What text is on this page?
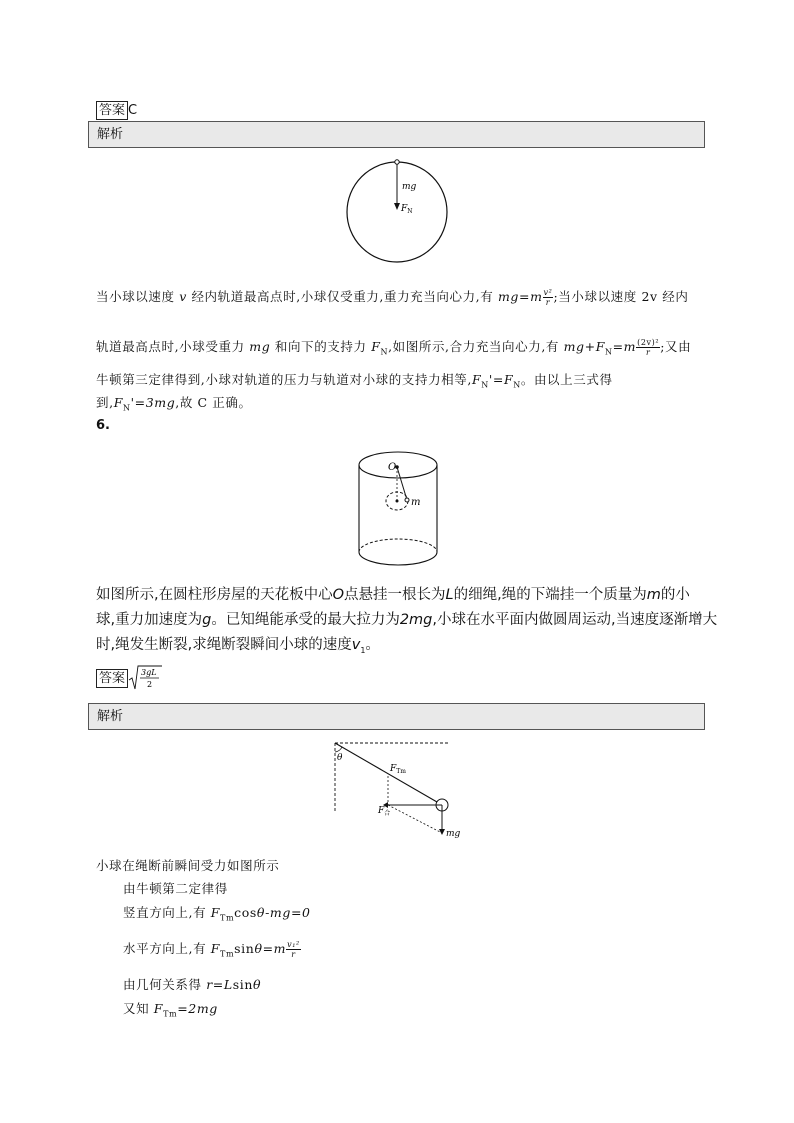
答案 C
解析
mg
$F_N$
当小球以速度 v 经内轨道最高点时,小球仅受重力,重力充当向心力,有 $mg=m \frac{\text{v²}}{r}$ ;当小球以速度 2v 经内
轨道最高点时,小球受重力 mg 和向下的支持力 $F_N$,如图所示,合力充当向心力,有 $mg+F_N=m \frac{\text{(2v)²}}{r}$ ;又由
牛顿第三定律得到,小球对轨道的压力与轨道对小球的支持力相等$,F_N'=F_N$。由以上三式得
到$,F_N'=3mg$,故 C 正确。
6.
O
m
如图所示,在圆柱形房屋的天花板中心O点悬挂一根长为L的细绳,绳的下端挂一个质量为m的小
球,重力加速度为g。已知绳能承受的最大拉力为2mg,小球在水平面内做圆周运动,当速度逐渐增大
时,绳发生断裂,求绳断裂瞬间小球的速度$v_1$。
答案 3gL
2
解析
θ
$F_{Tm}$
$F_合$
mg
小球在绳断前瞬间受力如图所示
由牛顿第二定律得
竖直方向上,有 $F_{Tm}\cos\theta-mg=0$
水平方向上,有 $F_{Tm}\sin\theta=m \frac{\text{v₁²}}{r}$
由几何关系得 r=Lsinθ
又知 $F_{Tm}=2mg$
